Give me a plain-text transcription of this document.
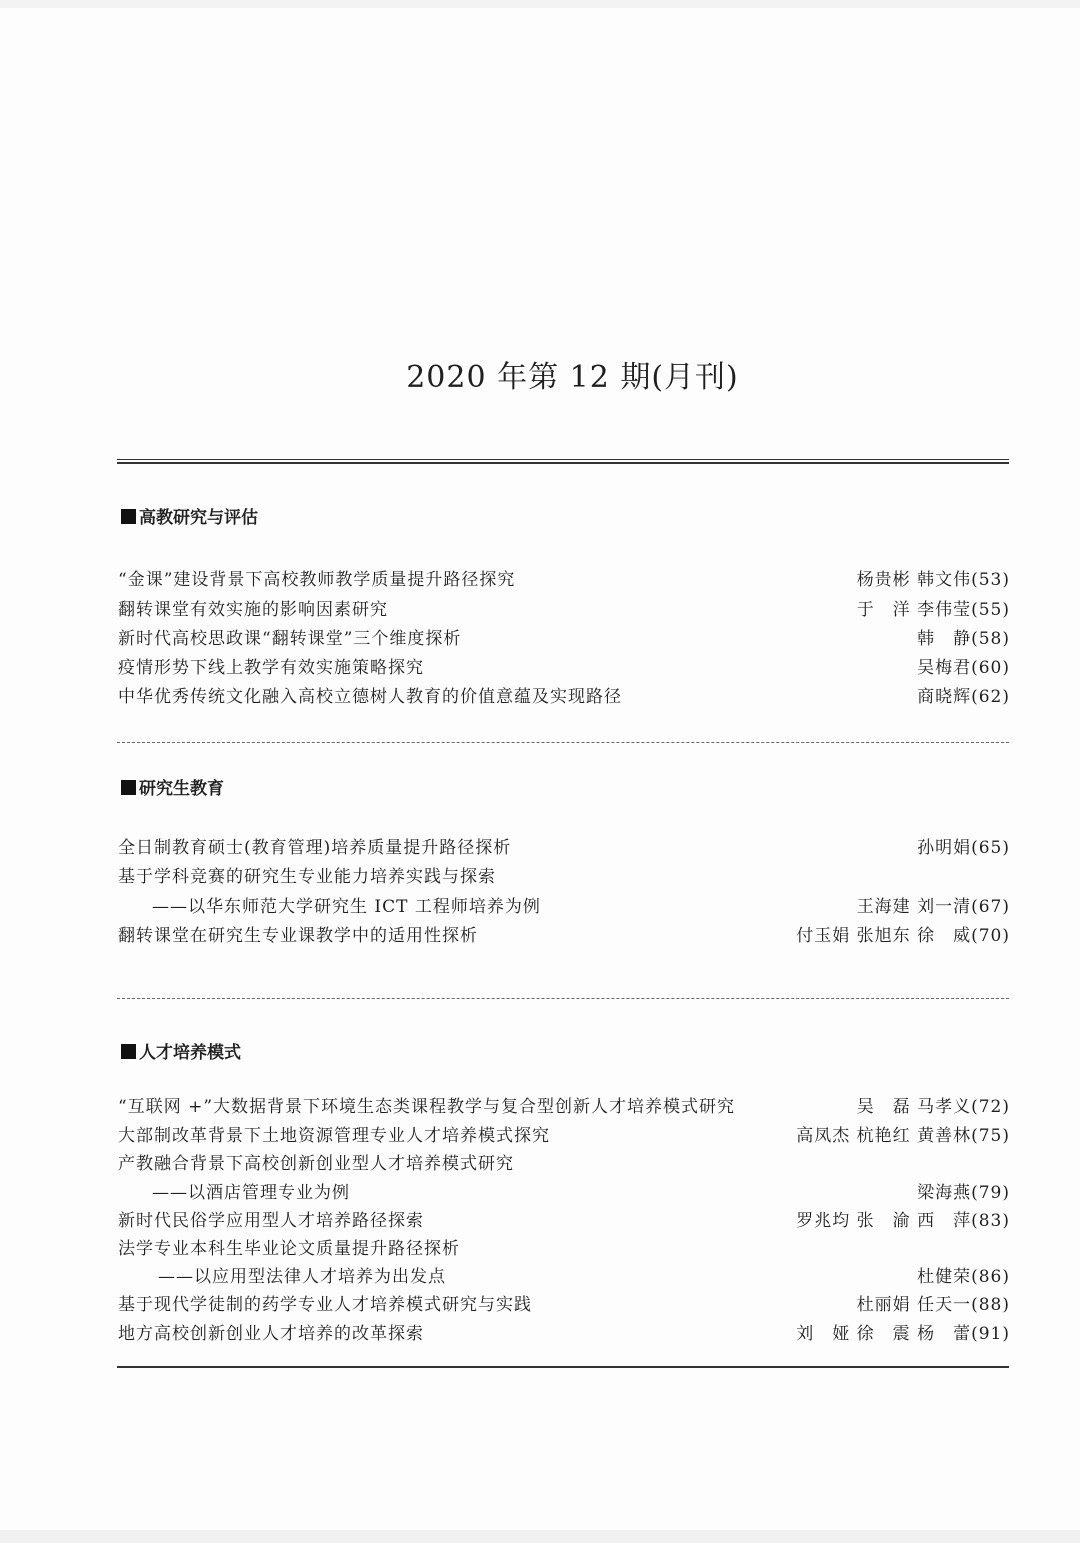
2020 年第 12 期(月刊)
高教研究与评估
“金课”建设背景下高校教师教学质量提升路径探究	杨贵彬 韩文伟(53)
翻转课堂有效实施的影响因素研究	于　洋 李伟莹(55)
新时代高校思政课“翻转课堂”三个维度探析	韩　静(58)
疫情形势下线上教学有效实施策略探究	吴梅君(60)
中华优秀传统文化融入高校立德树人教育的价值意蕴及实现路径	商晓辉(62)
研究生教育
全日制教育硕士(教育管理)培养质量提升路径探析	孙明娟(65)
基于学科竞赛的研究生专业能力培养实践与探索
——以华东师范大学研究生 ICT 工程师培养为例	王海建 刘一清(67)
翻转课堂在研究生专业课教学中的适用性探析	付玉娟 张旭东 徐　威(70)
人才培养模式
“互联网 +”大数据背景下环境生态类课程教学与复合型创新人才培养模式研究	吴　磊 马孝义(72)
大部制改革背景下土地资源管理专业人才培养模式探究	高凤杰 杭艳红 黄善林(75)
产教融合背景下高校创新创业型人才培养模式研究
——以酒店管理专业为例	梁海燕(79)
新时代民俗学应用型人才培养路径探索	罗兆均 张　渝 西　萍(83)
法学专业本科生毕业论文质量提升路径探析
——以应用型法律人才培养为出发点	杜健荣(86)
基于现代学徒制的药学专业人才培养模式研究与实践	杜丽娟 任天一(88)
地方高校创新创业人才培养的改革探索	刘　娅 徐　震 杨　蕾(91)
